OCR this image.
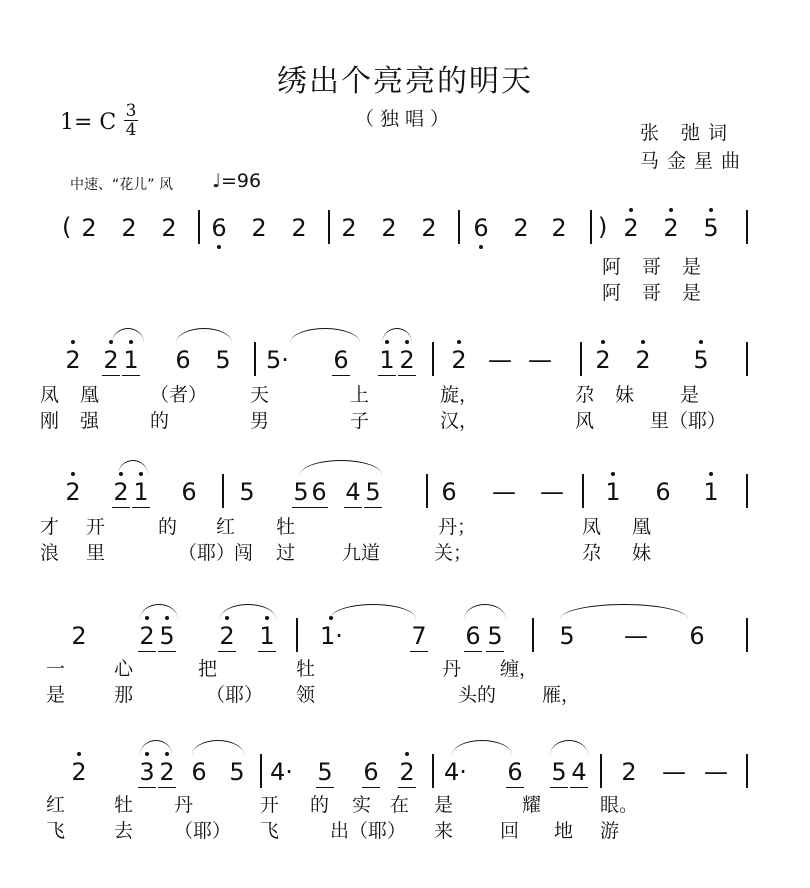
绣出个亮亮的明天
（独唱）
1= C 3
4	张 弛词
马金星曲
中速、“花儿” 风 ♩=96
( 2 2 2 6 2 2 2 2 2 6 2 2 ) 2 2 5
阿 哥 是
阿 哥 是
2 2 1 6 5 5· 6 1 2 2 — — 2 2 5
凤 凰	（者） 天	上	旋，	尕 妹 是
刚 强	的	男	子	汉，	风	里（耶）
2 2 1 6 5 5 6 4 5	6 — — 1 6 1
才 开	的 红 牡	丹；	凤 凰
浪 里	（耶）
闯 过 九道	关；	尕 妹
2 2 5 2 1 1·	7 6 5 5 — 6
一	心	把	牡	丹 缠，
是	那	（耶） 领	头的 雁，
2 3 2 6 5 4· 5 6 2 4· 6 5 4 2 — —
红	牡 丹	开 的 实 在 是	耀	眼。
飞	去 （耶） 飞	出（耶） 来 回 地 游
